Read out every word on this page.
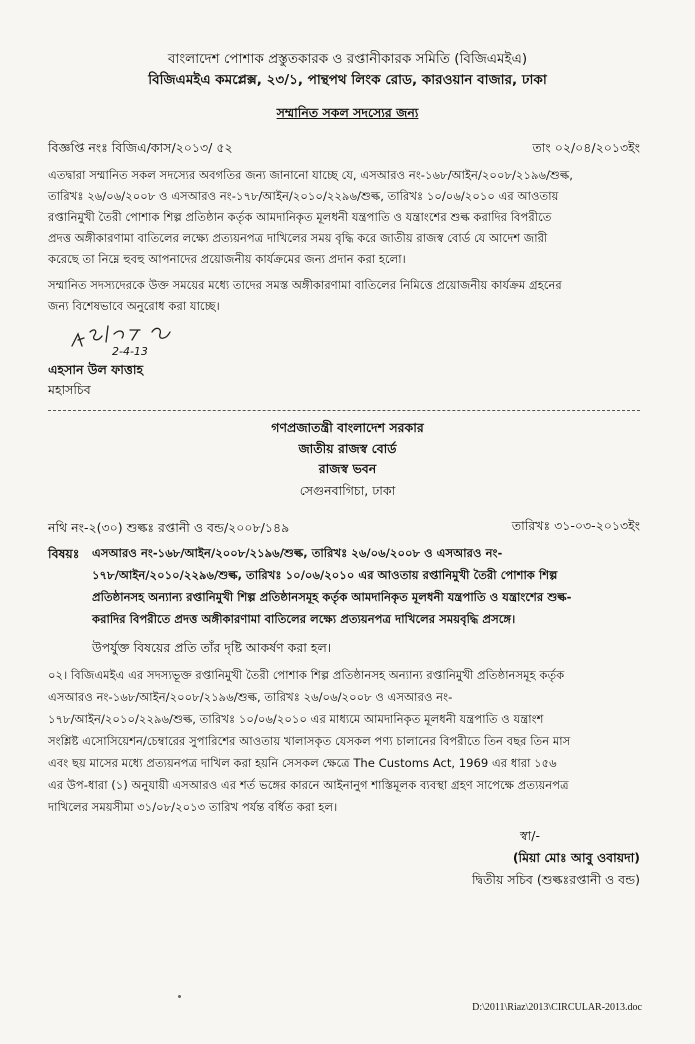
বাংলাদেশ পোশাক প্রস্তুতকারক ও রপ্তানীকারক সমিতি (বিজিএমইএ)
বিজিএমইএ কমপ্লেক্স, ২৩/১, পান্থপথ লিংক রোড, কারওয়ান বাজার, ঢাকা
সম্মানিত সকল সদস্যের জন্য
বিজ্ঞপ্তি নংঃ বিজিএ/কাস/২০১৩/ ৫২	তাং ০২/০৪/২০১৩ইং
এতদ্বারা সম্মানিত সকল সদস্যের অবগতির জন্য জানানো যাচ্ছে যে, এসআরও নং-১৬৮/আইন/২০০৮/২১৯৬/শুল্ক,
তারিখঃ ২৬/০৬/২০০৮ ও এসআরও নং-১৭৮/আইন/২০১০/২২৯৬/শুল্ক, তারিখঃ ১০/০৬/২০১০ এর আওতায়
রপ্তানিমুখী তৈরী পোশাক শিল্প প্রতিষ্ঠান কর্তৃক আমদানিকৃত মূলধনী যন্ত্রপাতি ও যন্ত্রাংশের শুল্ক করাদির বিপরীতে
প্রদত্ত অঙ্গীকারণামা বাতিলের লক্ষ্যে প্রত্যয়নপত্র দাখিলের সময় বৃদ্ধি করে জাতীয় রাজস্ব বোর্ড যে আদেশ জারী
করেছে তা নিম্নে হুবহু আপনাদের প্রয়োজনীয় কার্যক্রমের জন্য প্রদান করা হলো।
সম্মানিত সদস্যদেরকে উক্ত সময়ের মধ্যে তাদের সমস্ত অঙ্গীকারণামা বাতিলের নিমিত্তে প্রয়োজনীয় কার্যক্রম গ্রহনের
জন্য বিশেষভাবে অনুরোধ করা যাচ্ছে।
2-4-13
এহসান উল ফাত্তাহ
মহাসচিব
গণপ্রজাতন্ত্রী বাংলাদেশ সরকার
জাতীয় রাজস্ব বোর্ড
রাজস্ব ভবন
সেগুনবাগিচা, ঢাকা
নথি নং-২(৩০) শুল্কঃ রপ্তানী ও বন্ড/২০০৮/১৪৯	তারিখঃ ৩১-০৩-২০১৩ইং
বিষয়ঃ এসআরও নং-১৬৮/আইন/২০০৮/২১৯৬/শুল্ক, তারিখঃ ২৬/০৬/২০০৮ ও এসআরও নং-
১৭৮/আইন/২০১০/২২৯৬/শুল্ক, তারিখঃ ১০/০৬/২০১০ এর আওতায় রপ্তানিমুখী তৈরী পোশাক শিল্প
প্রতিষ্ঠানসহ অন্যান্য রপ্তানিমুখী শিল্প প্রতিষ্ঠানসমূহ কর্তৃক আমদানিকৃত মূলধনী যন্ত্রপাতি ও যন্ত্রাংশের শুল্ক-
করাদির বিপরীতে প্রদত্ত অঙ্গীকারণামা বাতিলের লক্ষ্যে প্রত্যয়নপত্র দাখিলের সময়বৃদ্ধি প্রসঙ্গে।
উপর্যুক্ত বিষয়ের প্রতি তাঁর দৃষ্টি আকর্ষণ করা হল।
০২। বিজিএমইএ এর সদস্যভূক্ত রপ্তানিমুখী তৈরী পোশাক শিল্প প্রতিষ্ঠানসহ অন্যান্য রপ্তানিমুখী প্রতিষ্ঠানসমূহ কর্তৃক
এসআরও নং-১৬৮/আইন/২০০৮/২১৯৬/শুল্ক, তারিখঃ ২৬/০৬/২০০৮ ও এসআরও নং-
১৭৮/আইন/২০১০/২২৯৬/শুল্ক, তারিখঃ ১০/০৬/২০১০ এর মাধ্যমে আমদানিকৃত মূলধনী যন্ত্রপাতি ও যন্ত্রাংশ
সংশ্লিষ্ট এসোসিয়েশন/চেম্বারের সুপারিশের আওতায় খালাসকৃত যেসকল পণ্য চালানের বিপরীতে তিন বছর তিন মাস
এবং ছয় মাসের মধ্যে প্রত্যয়নপত্র দাখিল করা হয়নি সেসকল ক্ষেত্রে The Customs Act, 1969 এর ধারা ১৫৬
এর উপ-ধারা (১) অনুযায়ী এসআরও এর শর্ত ভঙ্গের কারনে আইনানুগ শাস্তিমূলক ব্যবস্থা গ্রহণ সাপেক্ষে প্রত্যয়নপত্র
দাখিলের সময়সীমা ৩১/০৮/২০১৩ তারিখ পর্যন্ত বর্ধিত করা হল।
স্বা/-
(মিয়া মোঃ আবু ওবায়দা)
দ্বিতীয় সচিব (শুল্কঃরপ্তানী ও বন্ড)
D:\2011\Riaz\2013\CIRCULAR-2013.doc
